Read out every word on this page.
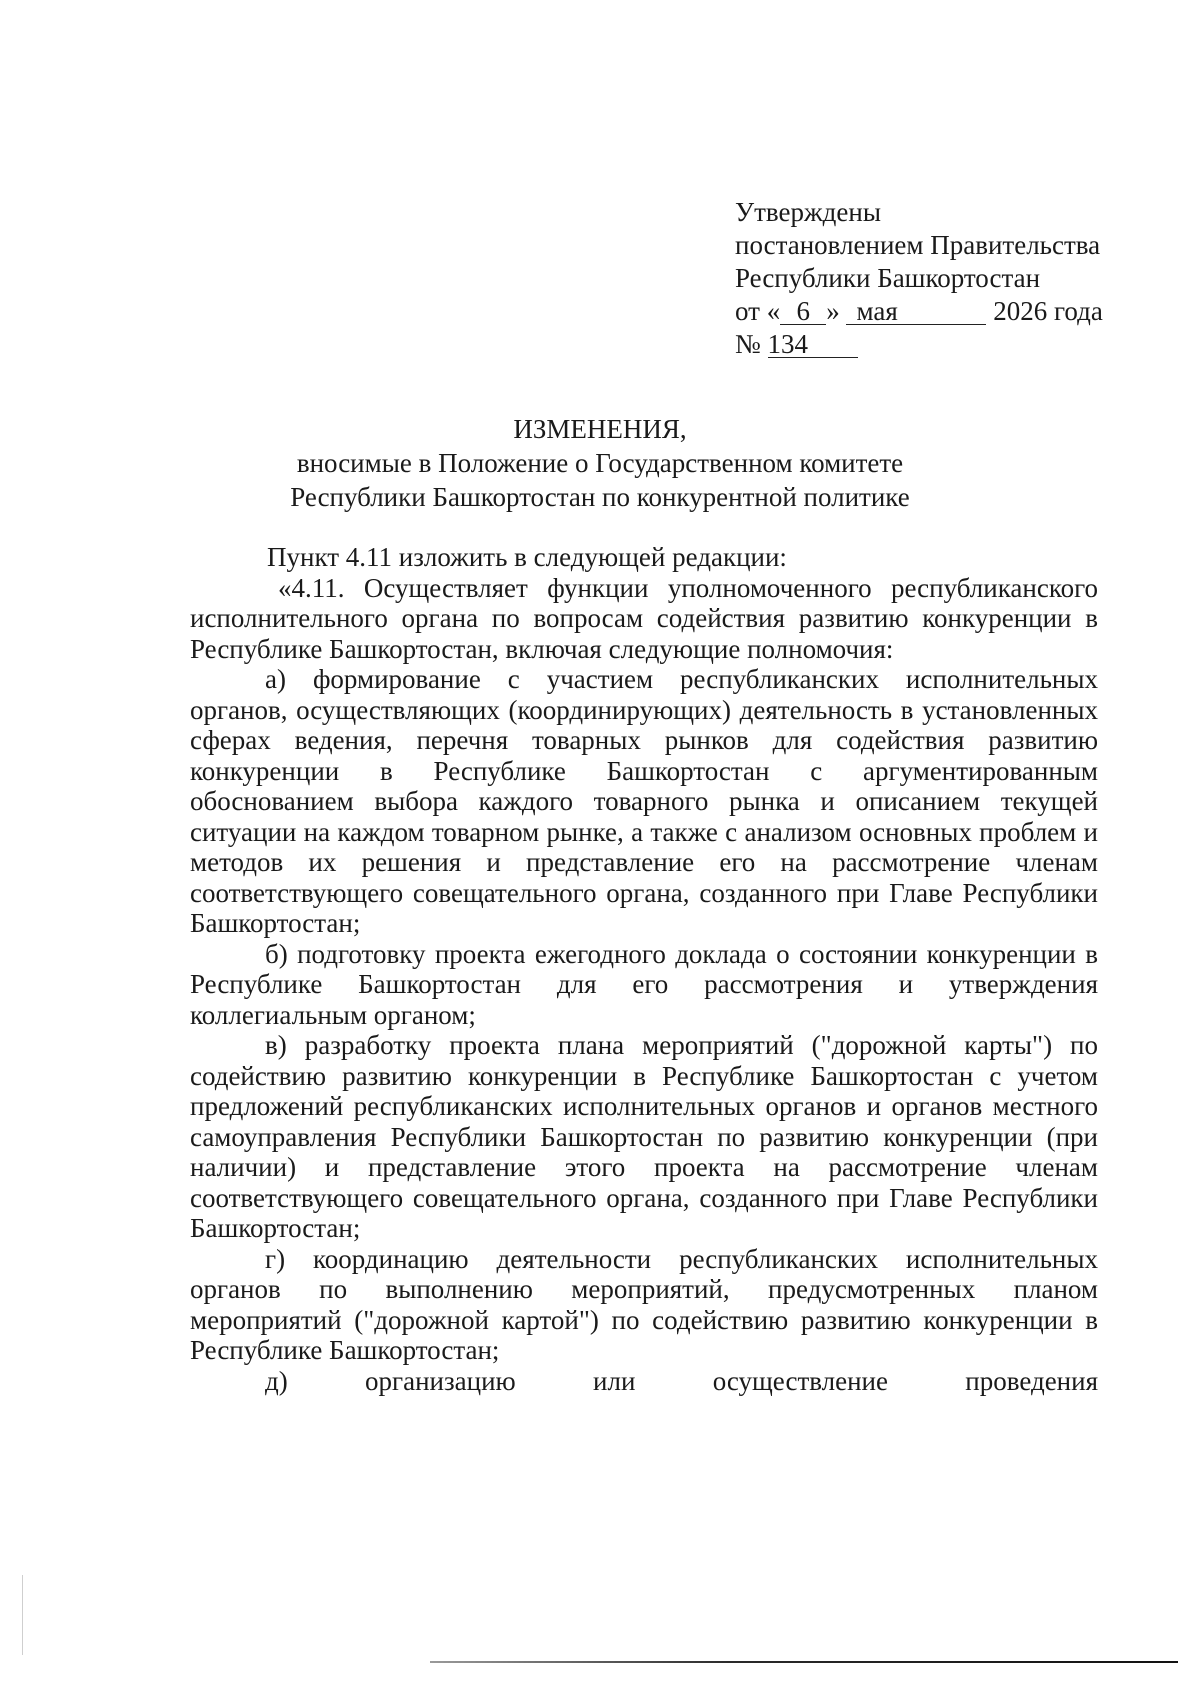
Утверждены
постановлением Правительства
Республики Башкортостан
от « 6 » мая	2026 года
№ 134
ИЗМЕНЕНИЯ,
вносимые в Положение о Государственном комитете
Республики Башкортостан по конкурентной политике

Пункт 4.11 изложить в следующей редакции:

«4.11. Осуществляет функции уполномоченного республиканского исполнительного органа по вопросам содействия развитию конкуренции в Республике Башкортостан, включая следующие полномочия:

а) формирование с участием республиканских исполнительных органов, осуществляющих (координирующих) деятельность в установленных сферах ведения, перечня товарных рынков для содействия развитию конкуренции в Республике Башкортостан с аргументированным обоснованием выбора каждого товарного рынка и описанием текущей ситуации на каждом товарном рынке, а также с анализом основных проблем и методов их решения и представление его на рассмотрение членам соответствующего совещательного органа, созданного при Главе Республики Башкортостан;

б) подготовку проекта ежегодного доклада о состоянии конкуренции в Республике Башкортостан для его рассмотрения и утверждения коллегиальным органом;

в) разработку проекта плана мероприятий ("дорожной карты") по содействию развитию конкуренции в Республике Башкортостан с учетом предложений республиканских исполнительных органов и органов местного самоуправления Республики Башкортостан по развитию конкуренции (при наличии) и представление этого проекта на рассмотрение членам соответствующего совещательного органа, созданного при Главе Республики Башкортостан;

г) координацию деятельности республиканских исполнительных органов по выполнению мероприятий, предусмотренных планом мероприятий ("дорожной картой") по содействию развитию конкуренции в Республике Башкортостан;

д) организацию или осуществление проведения
